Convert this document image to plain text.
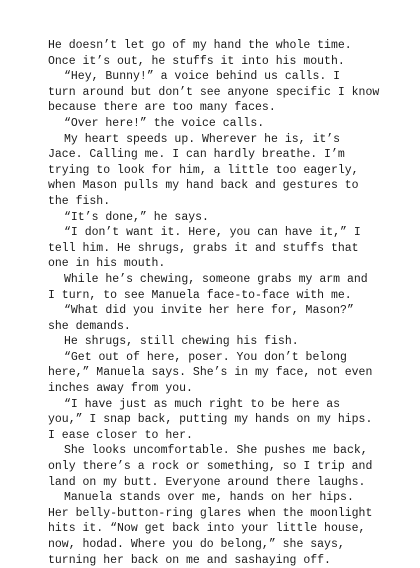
He doesn’t let go of my hand the whole time.
Once it’s out, he stuffs it into his mouth.
“Hey, Bunny!” a voice behind us calls. I
turn around but don’t see anyone specific I know
because there are too many faces.
“Over here!” the voice calls.
My heart speeds up. Wherever he is, it’s
Jace. Calling me. I can hardly breathe. I’m
trying to look for him, a little too eagerly,
when Mason pulls my hand back and gestures to
the fish.
“It’s done,” he says.
“I don’t want it. Here, you can have it,” I
tell him. He shrugs, grabs it and stuffs that
one in his mouth.
While he’s chewing, someone grabs my arm and
I turn, to see Manuela face-to-face with me.
“What did you invite her here for, Mason?”
she demands.
He shrugs, still chewing his fish.
“Get out of here, poser. You don’t belong
here,” Manuela says. She’s in my face, not even
inches away from you.
“I have just as much right to be here as
you,” I snap back, putting my hands on my hips.
I ease closer to her.
She looks uncomfortable. She pushes me back,
only there’s a rock or something, so I trip and
land on my butt. Everyone around there laughs.
Manuela stands over me, hands on her hips.
Her belly-button-ring glares when the moonlight
hits it. “Now get back into your little house,
now, hodad. Where you do belong,” she says,
turning her back on me and sashaying off.
